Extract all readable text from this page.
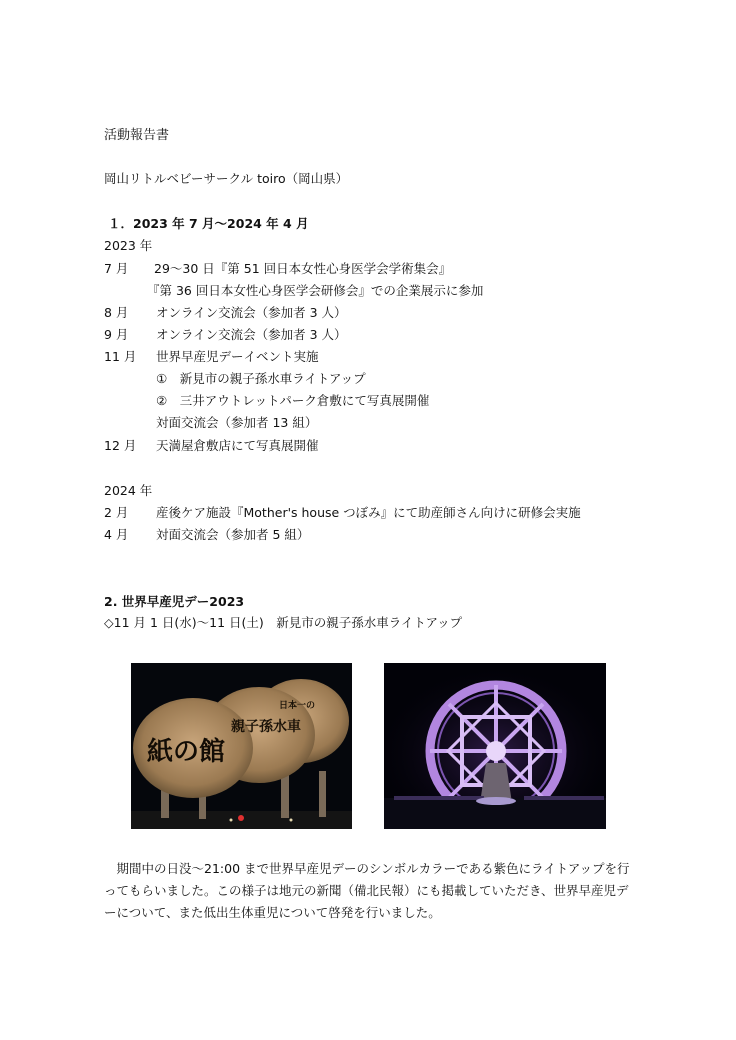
活動報告書
岡山リトルベビーサークル toiro（岡山県）
１．2023 年 7 月～2024 年 4 月
2023 年
7 月 29～30 日『第 51 回日本女性心身医学会学術集会』
『第 36 回日本女性心身医学会研修会』での企業展示に参加
8 月 オンライン交流会（参加者 3 人）
9 月 オンライン交流会（参加者 3 人）
11 月 世界早産児デーイベント実施
①　新見市の親子孫水車ライトアップ
②　三井アウトレットパーク倉敷にて写真展開催
対面交流会（参加者 13 組）
12 月 天満屋倉敷店にて写真展開催
2024 年
2 月 産後ケア施設『Mother's house つぼみ』にて助産師さん向けに研修会実施
4 月 対面交流会（参加者 5 組）
2. 世界早産児デー2023
◇11 月 1 日(水)～11 日(土)　新見市の親子孫水車ライトアップ
日本一の
親子孫水車
紙の館
　期間中の日没～21:00 まで世界早産児デーのシンボルカラーである紫色にライトアップを行ってもらいました。この様子は地元の新聞（備北民報）にも掲載していただき、世界早産児デーについて、また低出生体重児について啓発を行いました。
